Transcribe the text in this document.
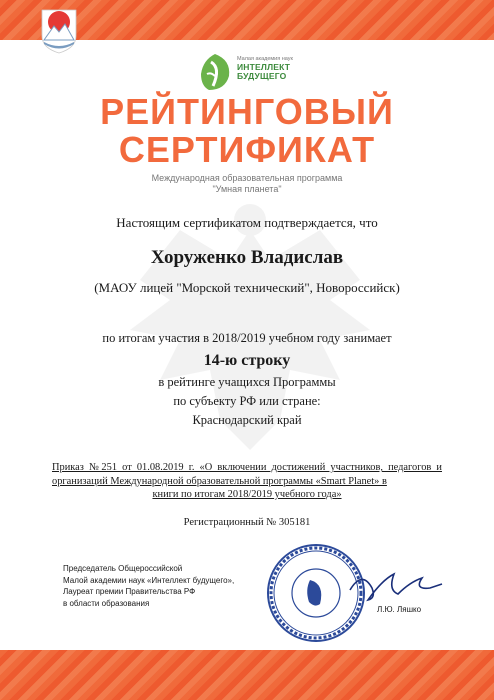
Малая академия наук
ИНТЕЛЛЕКТ
БУДУЩЕГО
РЕЙТИНГОВЫЙ
СЕРТИФИКАТ
Международная образовательная программа
"Умная планета"
Настоящим сертификатом подтверждается, что
Хоруженко Владислав
(МАОУ лицей "Морской технический", Новороссийск)
по итогам участия в 2018/2019 учебном году занимает
14-ю строку
в рейтинге учащихся Программы
по субъекту РФ или стране:
Краснодарский край
Приказ №251 от 01.08.2019 г. «О включении достижений участников, педагогов и организаций Международной образовательной программы «Smart Planet» в
книги по итогам 2018/2019 учебного года»
Регистрационный № 305181
Председатель Общероссийской
Малой академии наук «Интеллект будущего»,
Лауреат премии Правительства РФ
в области образования
Л.Ю. Ляшко
